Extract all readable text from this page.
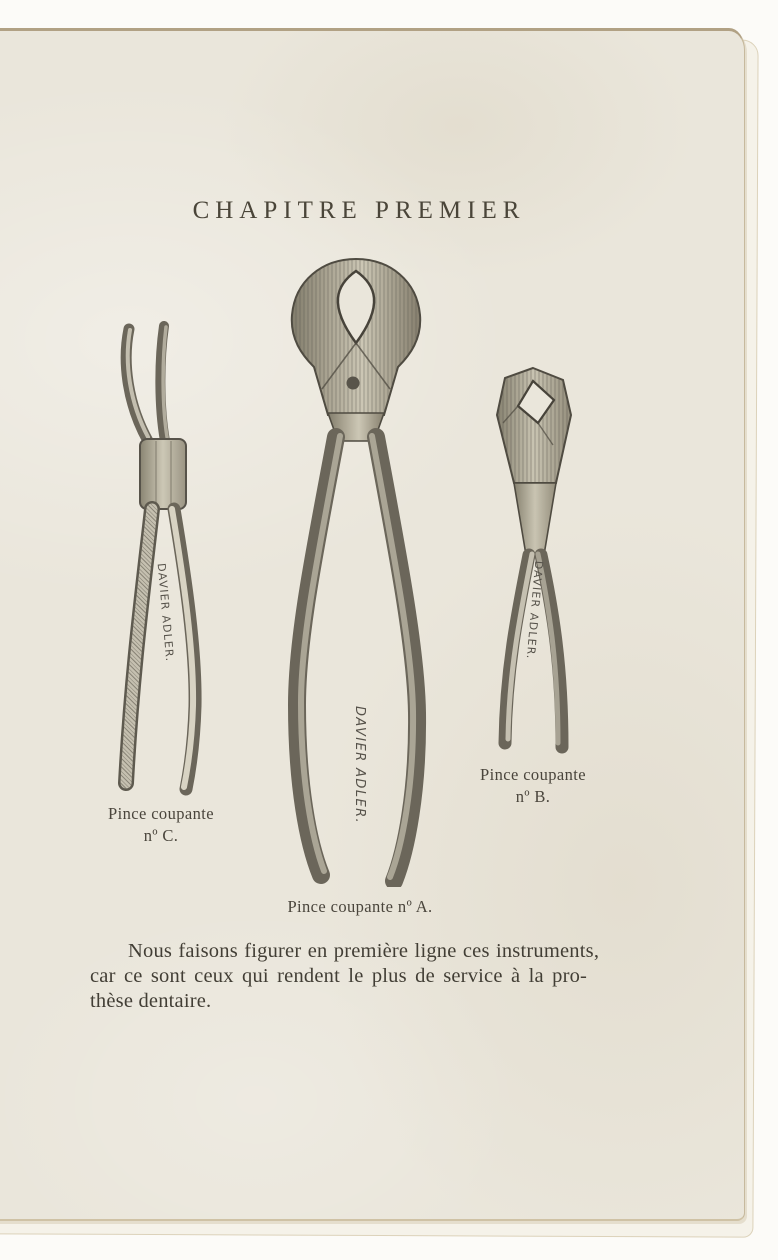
CHAPITRE PREMIER
DAVIER ADLER.
Pince coupante
nº C.
DAVIER ADLER.
Pince coupante nº A.
DAVIER ADLER.
Pince coupante
nº B.
Nous faisons figurer en première ligne ces instruments,
car ce sont ceux qui rendent le plus de service à la pro-
thèse dentaire.
